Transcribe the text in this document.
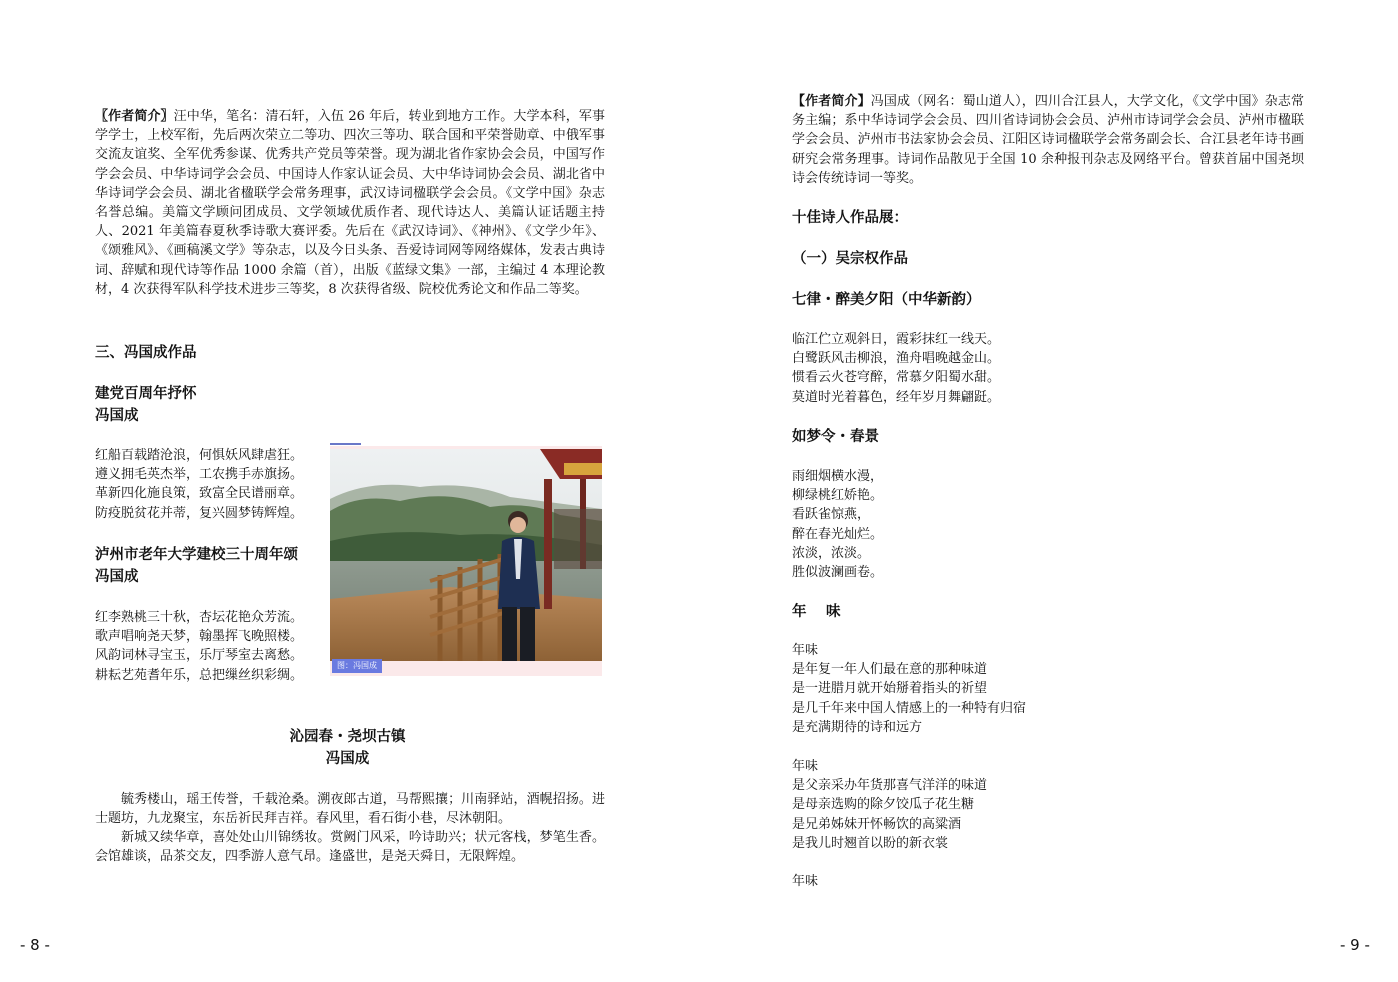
〖作者简介〗汪中华，笔名：清石轩，入伍 26 年后，转业到地方工作。大学本科，军事学学士，上校军衔，先后两次荣立二等功、四次三等功、联合国和平荣誉勋章、中俄军事交流友谊奖、全军优秀参谋、优秀共产党员等荣誉。现为湖北省作家协会会员，中国写作学会会员、中华诗词学会会员、中国诗人作家认证会员、大中华诗词协会会员、湖北省中华诗词学会会员、湖北省楹联学会常务理事，武汉诗词楹联学会会员。《文学中国》杂志名誉总编。美篇文学顾问团成员、文学领域优质作者、现代诗达人、美篇认证话题主持人、2021 年美篇春夏秋季诗歌大赛评委。先后在《武汉诗词》、《神州》、《文学少年》、《颂雅风》、《画稿溪文学》等杂志，以及今日头条、吾爱诗词网等网络媒体，发表古典诗词、辞赋和现代诗等作品 1000 余篇（首），出版《蓝绿文集》一部，主编过 4 本理论教材，4 次获得军队科学技术进步三等奖，8 次获得省级、院校优秀论文和作品二等奖。

三、冯国成作品
建党百周年抒怀
冯国成
红船百载踏沧浪，何惧妖风肆虐狂。
遵义拥毛英杰举，工农携手赤旗扬。
革新四化施良策，致富全民谱丽章。
防疫脱贫花并蒂，复兴圆梦铸辉煌。
泸州市老年大学建校三十周年颂
冯国成
红李熟桃三十秋，杏坛花艳众芳流。
歌声唱响尧天梦，翰墨挥飞晚照楼。
风韵词林寻宝玉，乐厅琴室去离愁。
耕耘艺苑耆年乐，总把缫丝织彩绸。
图：冯国成
沁园春・尧坝古镇
冯国成

毓秀楼山，瑶王传誉，千载沧桑。溯夜郎古道，马帮熙攘；川南驿站，酒幌招扬。进士题坊，九龙聚宝，东岳祈民拜吉祥。春风里，看石街小巷，尽沐朝阳。

新城又续华章，喜处处山川锦绣妆。赏阙门风采，吟诗助兴；状元客栈，梦笔生香。会馆雄谈，品茶交友，四季游人意气昂。逢盛世，是尧天舜日，无限辉煌。

- 8 -

【作者简介】冯国成（网名：蜀山道人），四川合江县人，大学文化，《文学中国》杂志常务主编；系中华诗词学会会员、四川省诗词协会会员、泸州市诗词学会会员、泸州市楹联学会会员、泸州市书法家协会会员、江阳区诗词楹联学会常务副会长、合江县老年诗书画研究会常务理事。诗词作品散见于全国 10 余种报刊杂志及网络平台。曾获首届中国尧坝诗会传统诗词一等奖。

十佳诗人作品展：
（一）吴宗权作品
七律・醉美夕阳（中华新韵）
临江伫立观斜日，霞彩抹红一线天。
白鹭跃风击柳浪，渔舟唱晚越金山。
惯看云火苍穹醉，常慕夕阳蜀水甜。
莫道时光着暮色，经年岁月舞翩跹。
如梦令・春景
雨细烟横水漫，
柳绿桃红娇艳。
看跃雀惊燕，
醉在春光灿烂。
浓淡，浓淡。
胜似波澜画卷。
年　 味
年味
是年复一年人们最在意的那种味道
是一进腊月就开始掰着指头的祈望
是几千年来中国人情感上的一种特有归宿
是充满期待的诗和远方
年味
是父亲采办年货那喜气洋洋的味道
是母亲选购的除夕饺瓜子花生糖
是兄弟姊妹开怀畅饮的高粱酒
是我儿时翘首以盼的新衣裳
年味
- 9 -
